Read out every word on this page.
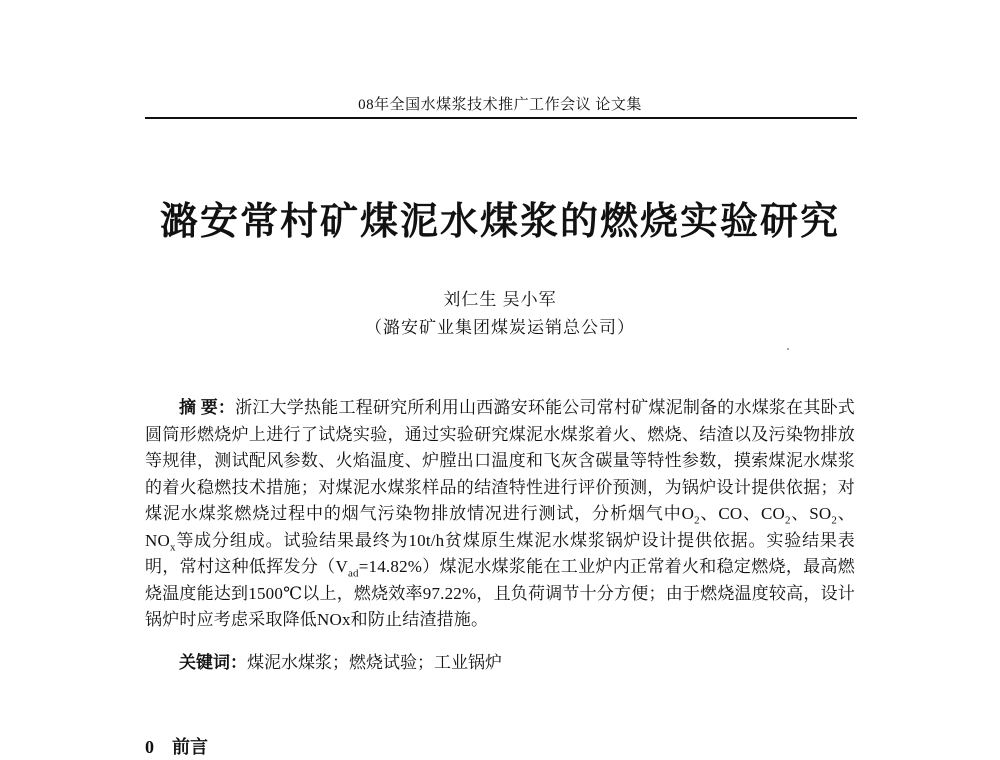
08年全国水煤浆技术推广工作会议 论文集
潞安常村矿煤泥水煤浆的燃烧实验研究
刘仁生 吴小军
（潞安矿业集团煤炭运销总公司）

摘 要：浙江大学热能工程研究所利用山西潞安环能公司常村矿煤泥制备的水煤浆在其卧式圆筒形燃烧炉上进行了试烧实验，通过实验研究煤泥水煤浆着火、燃烧、结渣以及污染物排放等规律，测试配风参数、火焰温度、炉膛出口温度和飞灰含碳量等特性参数，摸索煤泥水煤浆的着火稳燃技术措施；对煤泥水煤浆样品的结渣特性进行评价预测，为锅炉设计提供依据；对煤泥水煤浆燃烧过程中的烟气污染物排放情况进行测试，分析烟气中$O_2$、CO、$CO_2$、$SO_2$、$NO_x$等成分组成。试验结果最终为10t/h贫煤原生煤泥水煤浆锅炉设计提供依据。实验结果表明，常村这种低挥发分$(V_{ad}=14.82\%)$煤泥水煤浆能在工业炉内正常着火和稳定燃烧，最高燃烧温度能达到1500℃以上，燃烧效率97.22%，且负荷调节十分方便；由于燃烧温度较高，设计锅炉时应考虑采取降低NOx和防止结渣措施。

关键词：煤泥水煤浆；燃烧试验；工业锅炉
0 前言
